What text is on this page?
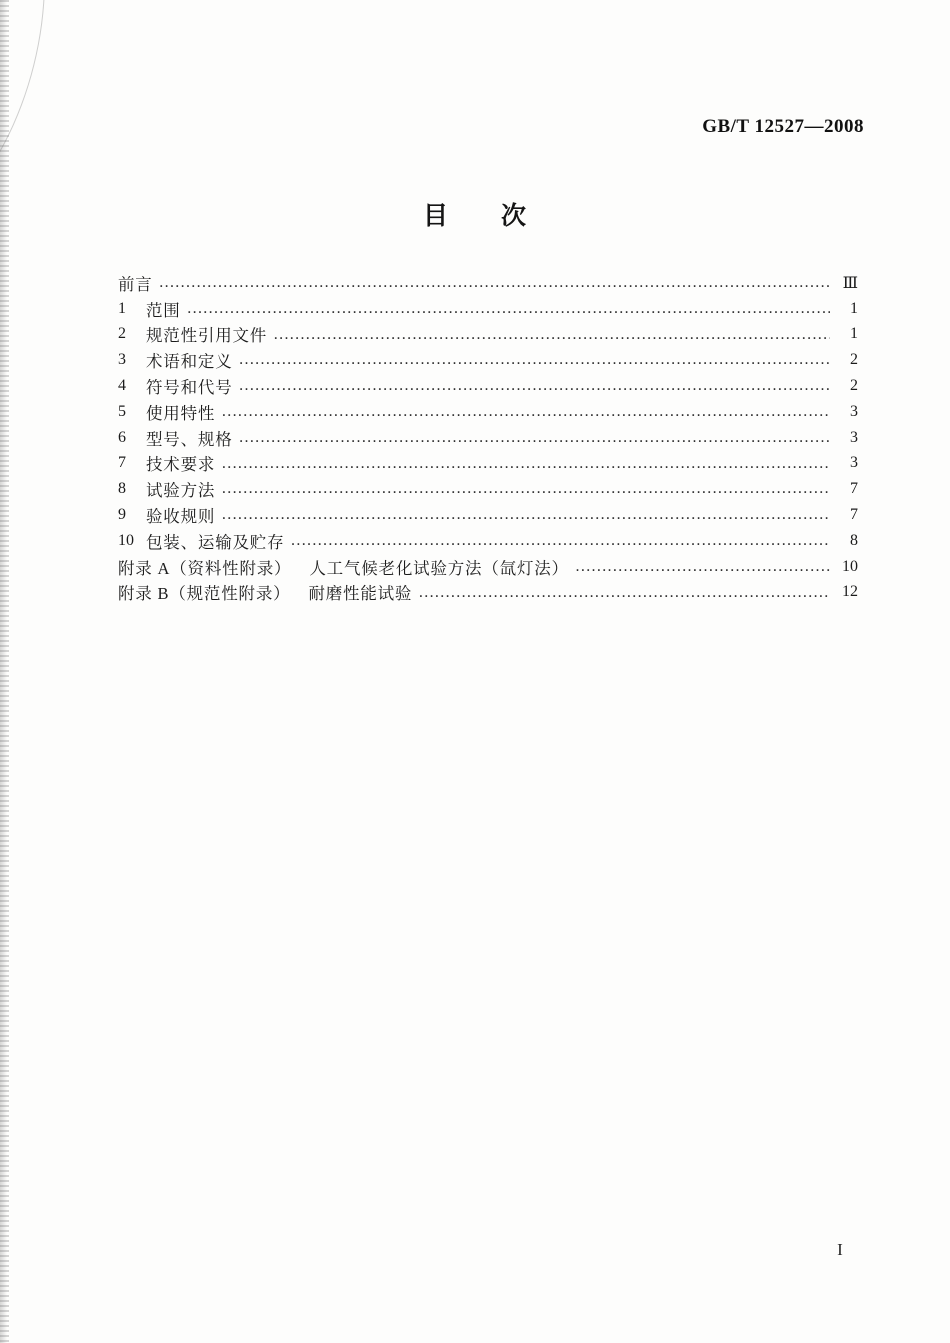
GB/T 12527—2008
目　　次
前言 …………………………………………………………………………………………………………………………………………………………	Ⅲ
1	范围 …………………………………………………………………………………………………………………………………………………………	1
2	规范性引用文件 …………………………………………………………………………………………………………………………………………………………	1
3	术语和定义 …………………………………………………………………………………………………………………………………………………………	2
4	符号和代号 …………………………………………………………………………………………………………………………………………………………	2
5	使用特性 …………………………………………………………………………………………………………………………………………………………	3
6	型号、规格 …………………………………………………………………………………………………………………………………………………………	3
7	技术要求 …………………………………………………………………………………………………………………………………………………………	3
8	试验方法 …………………………………………………………………………………………………………………………………………………………	7
9	验收规则 …………………………………………………………………………………………………………………………………………………………	7
10 包装、运输及贮存 …………………………………………………………………………………………………………………………………………………………	8
附录 A（资料性附录） 人工气候老化试验方法（氙灯法） …………………………………………………………………………………………………………………………………………………………	10
附录 B（规范性附录） 耐磨性能试验 …………………………………………………………………………………………………………………………………………………………	12
I
